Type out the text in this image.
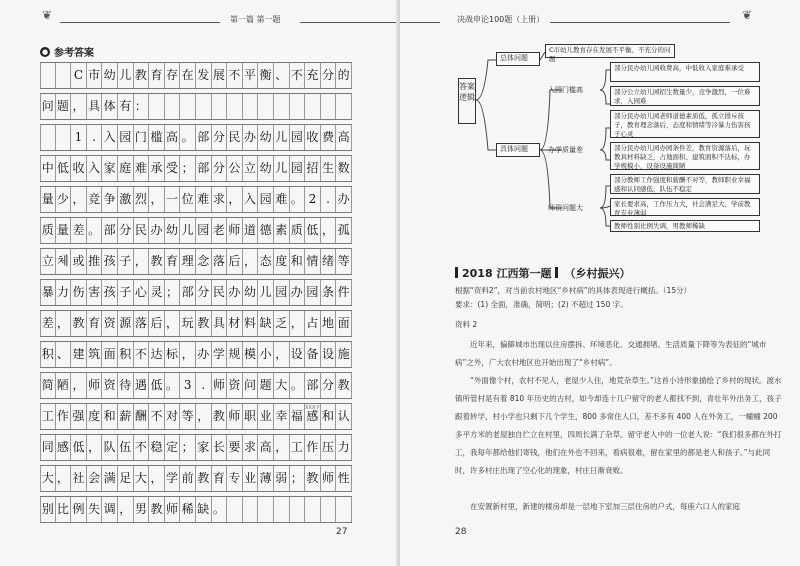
❦	第一篇 第一题
● 参考答案
C 市 幼 儿 教 育 存 在 发 展 不 平 衡 、 不 充 分 的
问 题 ， 具 体 有 ：
1 . 入 园 门 槛 高 。 部 分 民 办 幼 儿 园 收 费 高
中 低 收 入 家 庭 难 承 受 ； 部 分 公 立 幼 儿 园 招 生 数
量 少 ， 竞 争 激 烈 ， 一 位 难 求 ， 入 园 难 。 2 . 办
质 量 差 。 部 分 民 办 幼 儿 园 老 师 道 德 素 质 低 ， 孤
立 체 或 推 孩 子 ， 教 育 理 念 落 后 ， 态 度 和 情 绪 等
暴 力 伤 害 孩 子 心 灵 ； 部 分 民 办 幼 儿 园 办 园 条 件
差 ， 教 育 资 源 落 后 ， 玩 教 具 材 料 缺 乏 ， 占 地 面
积 、 建 筑 面 积 不 达 标 ， 办 学 规 模 小 ， 设 备 设 施
简 陋 ， 师 资 待 遇 低 。 3 . 师 资 问 题 大 。 部 分 教
工 作 强 度 和 薪 酬 不 对 等 ， 教 师 职 业 幸 福 感 和 认
同 感 低 ， 队 伍 不 稳 定 ； 家 长 要 求 高 ， 工 作 压 力
大 ， 社 会 满 足 大 ， 学 前 教 育 专 业 薄 弱 ； 教 师 性
别 比 例 失 调 ， 男 教 师 稀 缺 。
XXX字
27
决战申论100题（上册）	❦
答案逻辑
总体问题
C市幼儿教育存在发展不平衡、不充分的问题
具体问题
入园门槛高
办学质量差
师资问题大
部分民办幼儿园收费高，中低收入家庭难承受
部分公立幼儿园招生数量少，竞争激烈，一位难求，入园难
部分民办幼儿园老师道德素质低，孤立排斥孩子，教育理念落后，态度和情绪等冷暴力伤害孩子心灵
部分民办幼儿园办园条件差，教育资源落后，玩教具材料缺乏，占地面积、建筑面积不达标，办学规模小，设备设施简陋
部分教师工作强度和薪酬不对等，教师职业幸福感和认同感低，队伍不稳定
家长要求高，工作压力大，社会满足大，学前教育专业薄弱
教师性别比例失调，男教师稀缺
2018 江西第一题 （乡村振兴）
根据“资料2”，对当前农村地区“乡村病”的具体表现进行概括。（15分）
要求：(1) 全面，准确，简明；(2) 不超过 150 字。
资料 2
近年来，偏僻城市出现以住房摆拆、环境恶化、交通拥堵、生活质量下降等为表征的“城市病”之外，广大农村地区也开始出现了“乡村病”。
“外面像个村，农村不见人，老屋少人住，地荒杂草生。”这首小诗形象描绘了乡村的现状。渡水镇所管村是有着 810 年历史的古村，如今却连十几户留守的老人都找不到，青壮年外出务工，孩子跟着转学，村小学也只剩下几个学生，800 多常住人口，差不多有 400 人在外务工，一幢幢 200 多平方米的老屋独自伫立在村里，四周长满了杂草。留守老人中的一位老人说：“我们很多都在外打工，我每年都给他们寄钱，他们在外也不回来，看病很难，留在家里的都是老人和孩子。”与此同时，许多村庄出现了空心化的现象，村庄日渐衰败。
在安置新村里，新建的楼房却是一层地下室加三层住房的户式，每座六口人的家庭
28
